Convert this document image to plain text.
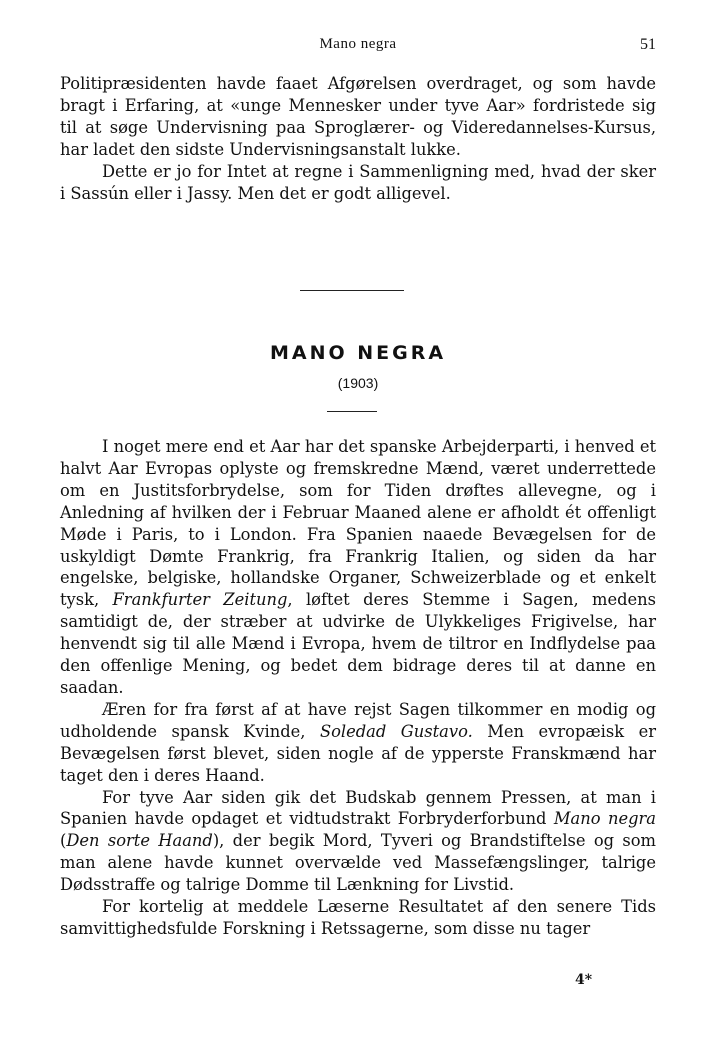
Mano negra	51

Politipræsidenten havde faaet Afgørelsen overdraget, og som havde bragt i Erfaring, at «unge Mennesker under tyve Aar» fordristede sig til at søge Undervisning paa Sproglærer- og Videredannelses-Kursus, har ladet den sidste Undervisningsanstalt lukke.

Dette er jo for Intet at regne i Sammenligning med, hvad der sker i Sassún eller i Jassy. Men det er godt alligevel.

MANO NEGRA
(1903)

I noget mere end et Aar har det spanske Arbejderparti, i henved et halvt Aar Evropas oplyste og fremskredne Mænd, været underrettede om en Justitsforbrydelse, som for Tiden drøftes allevegne, og i Anledning af hvilken der i Februar Maaned alene er afholdt ét offenligt Møde i Paris, to i London. Fra Spanien naaede Bevægelsen for de uskyldigt Dømte Frankrig, fra Frankrig Italien, og siden da har engelske, belgiske, hollandske Organer, Schweizerblade og et enkelt tysk, Frankfurter Zeitung, løftet deres Stemme i Sagen, medens samtidigt de, der stræber at udvirke de Ulykkeliges Frigivelse, har henvendt sig til alle Mænd i Evropa, hvem de tiltror en Indflydelse paa den offenlige Mening, og bedet dem bidrage deres til at danne en saadan.

Æren for fra først af at have rejst Sagen tilkommer en modig og udholdende spansk Kvinde, Soledad Gustavo. Men evropæisk er Bevægelsen først blevet, siden nogle af de ypperste Franskmænd har taget den i deres Haand.

For tyve Aar siden gik det Budskab gennem Pressen, at man i Spanien havde opdaget et vidtudstrakt Forbryderforbund Mano negra (Den sorte Haand), der begik Mord, Tyveri og Brandstiftelse og som man alene havde kunnet overvælde ved Massefængslinger, talrige Dødsstraffe og talrige Domme til Lænkning for Livstid.

For kortelig at meddele Læserne Resultatet af den senere Tids samvittighedsfulde Forskning i Retssagerne, som disse nu tager

4*
